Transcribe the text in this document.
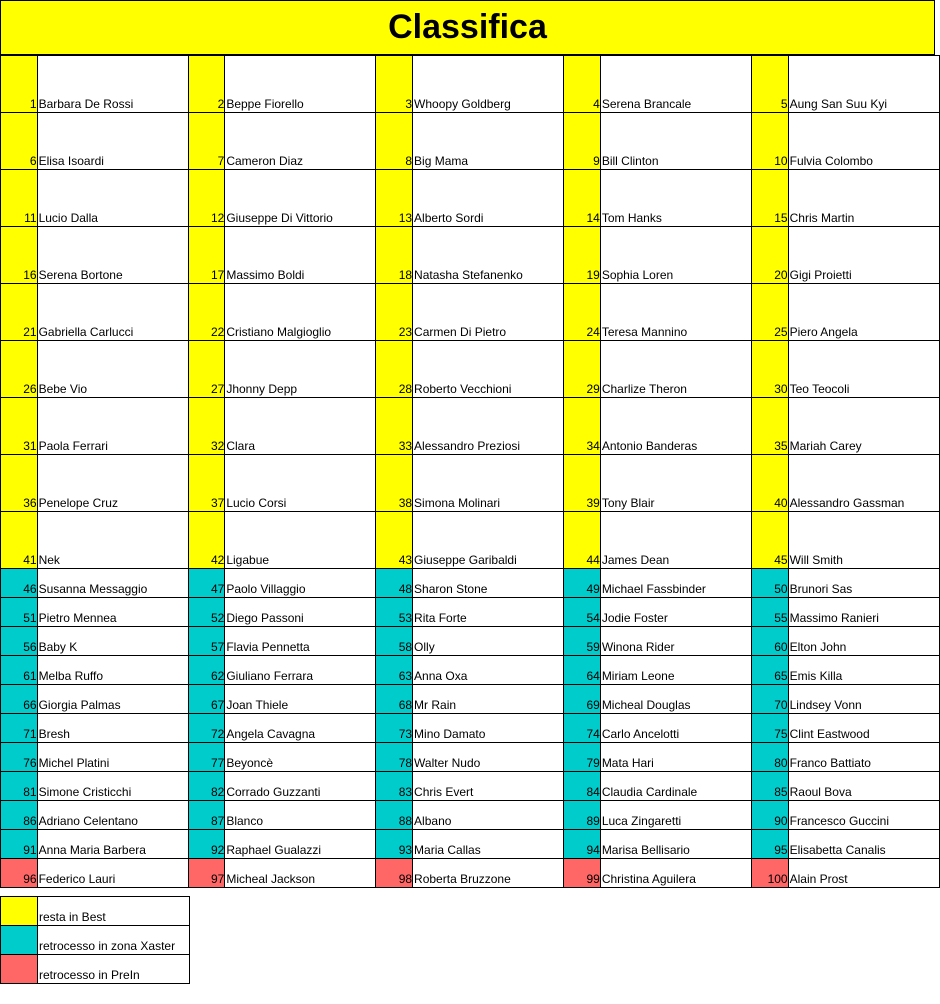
Classifica
1	Barbara De Rossi	2	Beppe Fiorello	3	Whoopy Goldberg	4	Serena Brancale	5	Aung San Suu Kyi
6	Elisa Isoardi	7	Cameron Diaz	8	Big Mama	9	Bill Clinton	10	Fulvia Colombo
11	Lucio Dalla	12	Giuseppe Di Vittorio	13	Alberto Sordi	14	Tom Hanks	15	Chris Martin
16	Serena Bortone	17	Massimo Boldi	18	Natasha Stefanenko	19	Sophia Loren	20	Gigi Proietti
21	Gabriella Carlucci	22	Cristiano Malgioglio	23	Carmen Di Pietro	24	Teresa Mannino	25	Piero Angela
26	Bebe Vio	27	Jhonny Depp	28	Roberto Vecchioni	29	Charlize Theron	30	Teo Teocoli
31	Paola Ferrari	32	Clara	33	Alessandro Preziosi	34	Antonio Banderas	35	Mariah Carey
36	Penelope Cruz	37	Lucio Corsi	38	Simona Molinari	39	Tony Blair	40	Alessandro Gassman
41	Nek	42	Ligabue	43	Giuseppe Garibaldi	44	James Dean	45	Will Smith
46	Susanna Messaggio	47	Paolo Villaggio	48	Sharon Stone	49	Michael Fassbinder	50	Brunori Sas
51	Pietro Mennea	52	Diego Passoni	53	Rita Forte	54	Jodie Foster	55	Massimo Ranieri
56	Baby K	57	Flavia Pennetta	58	Olly	59	Winona Rider	60	Elton John
61	Melba Ruffo	62	Giuliano Ferrara	63	Anna Oxa	64	Miriam Leone	65	Emis Killa
66	Giorgia Palmas	67	Joan Thiele	68	Mr Rain	69	Micheal Douglas	70	Lindsey Vonn
71	Bresh	72	Angela Cavagna	73	Mino Damato	74	Carlo Ancelotti	75	Clint Eastwood
76	Michel Platini	77	Beyoncè	78	Walter Nudo	79	Mata Hari	80	Franco Battiato
81	Simone Cristicchi	82	Corrado Guzzanti	83	Chris Evert	84	Claudia Cardinale	85	Raoul Bova
86	Adriano Celentano	87	Blanco	88	Albano	89	Luca Zingaretti	90	Francesco Guccini
91	Anna Maria Barbera	92	Raphael Gualazzi	93	Maria Callas	94	Marisa Bellisario	95	Elisabetta Canalis
96	Federico Lauri	97	Micheal Jackson	98	Roberta Bruzzone	99	Christina Aguilera	100	Alain Prost
	resta in Best
	retrocesso in zona Xaster
	retrocesso in PreIn
